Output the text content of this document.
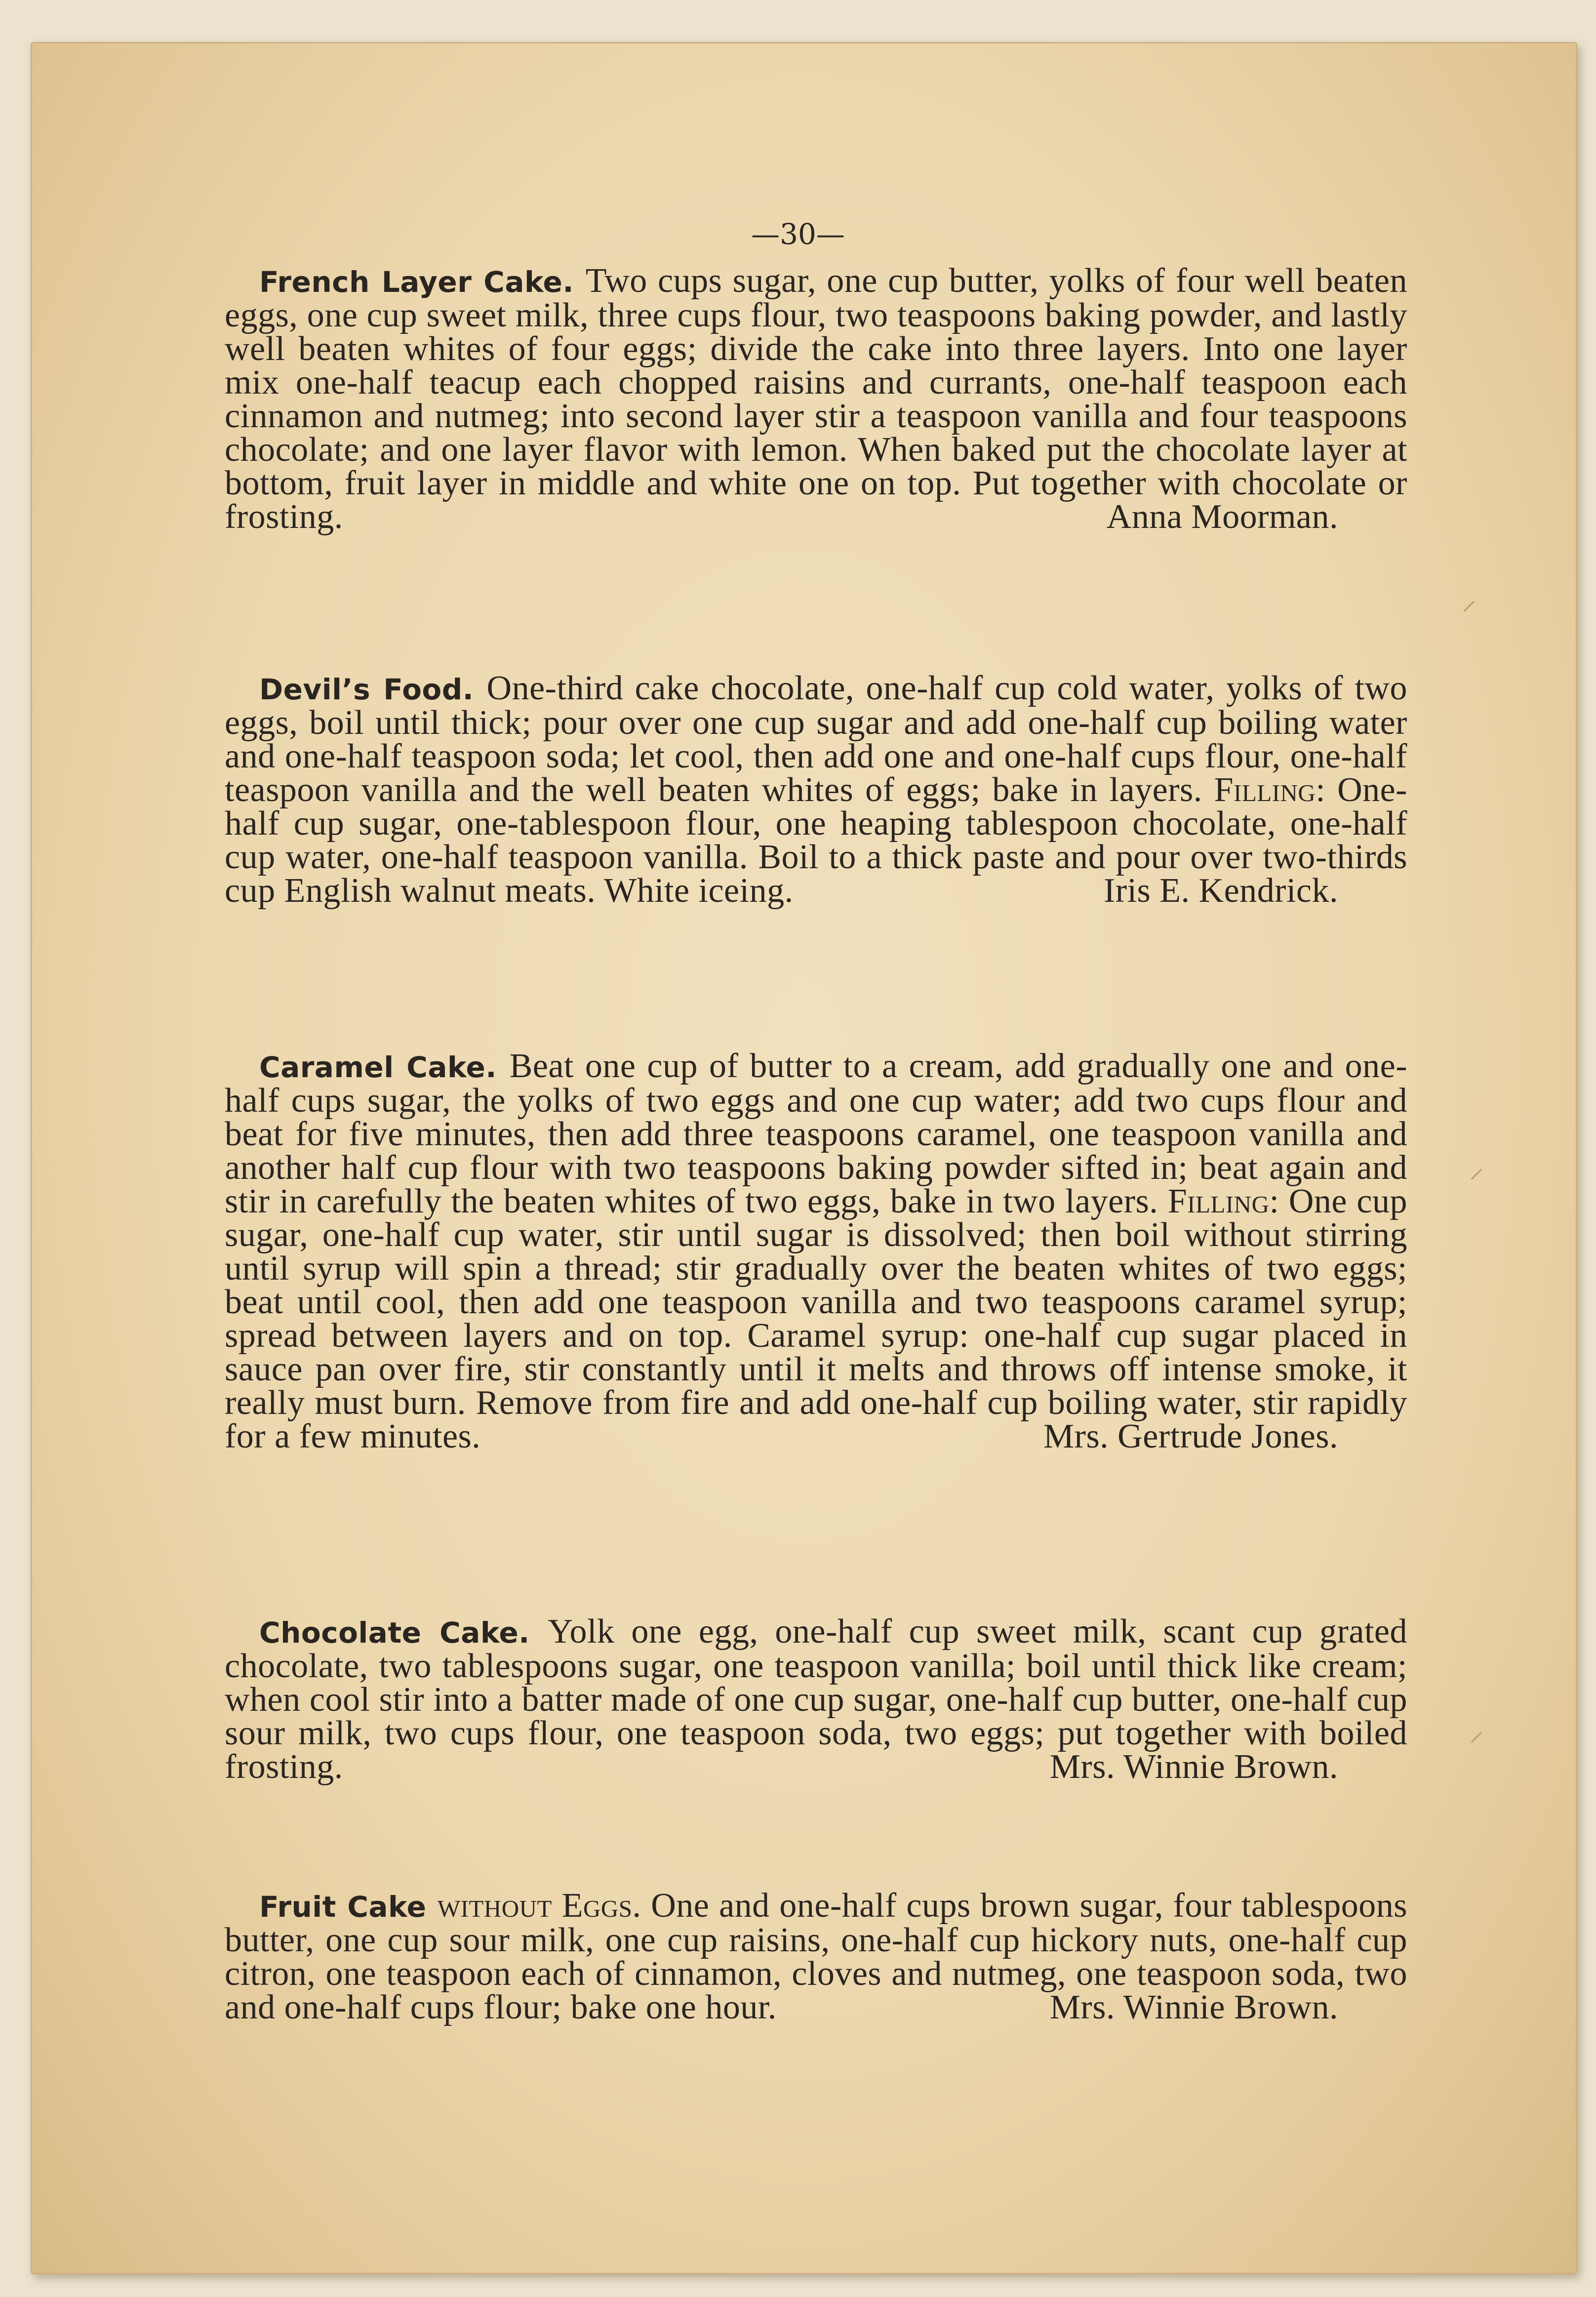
—30—
French Layer Cake. Two cups sugar, one cup butter, yolks of four well beaten eggs, one cup sweet milk, three cups flour, two teaspoons baking powder, and lastly well beaten whites of four eggs; divide the cake into three layers. Into one layer mix one-half teacup each chopped raisins and currants, one-half teaspoon each cinnamon and nutmeg; into second layer stir a teaspoon vanilla and four teaspoons chocolate; and one layer flavor with lemon. When baked put the chocolate layer at bottom, fruit layer in middle and white one on top. Put together with chocolate or frosting.	Anna Moorman.
Devil’s Food. One-third cake chocolate, one-half cup cold water, yolks of two eggs, boil until thick; pour over one cup sugar and add one-half cup boiling water and one-half teaspoon soda; let cool, then add one and one-half cups flour, one-half teaspoon vanilla and the well beaten whites of eggs; bake in layers. Filling: One-half cup sugar, one-tablespoon flour, one heaping tablespoon chocolate, one-half cup water, one-half teaspoon vanilla. Boil to a thick paste and pour over two-thirds cup English walnut meats. White iceing.	Iris E. Kendrick.
Caramel Cake. Beat one cup of butter to a cream, add gradually one and one-half cups sugar, the yolks of two eggs and one cup water; add two cups flour and beat for five minutes, then add three teaspoons caramel, one teaspoon vanilla and another half cup flour with two teaspoons baking powder sifted in; beat again and stir in carefully the beaten whites of two eggs, bake in two layers. Filling: One cup sugar, one-half cup water, stir until sugar is dissolved; then boil without stirring until syrup will spin a thread; stir gradually over the beaten whites of two eggs; beat until cool, then add one teaspoon vanilla and two teaspoons caramel syrup; spread between layers and on top. Caramel syrup: one-half cup sugar placed in sauce pan over fire, stir constantly until it melts and throws off intense smoke, it really must burn. Remove from fire and add one-half cup boiling water, stir rapidly for a few minutes.	Mrs. Gertrude Jones.
Chocolate Cake. Yolk one egg, one-half cup sweet milk, scant cup grated chocolate, two tablespoons sugar, one teaspoon vanilla; boil until thick like cream; when cool stir into a batter made of one cup sugar, one-half cup butter, one-half cup sour milk, two cups flour, one teaspoon soda, two eggs; put together with boiled frosting.	Mrs. Winnie Brown.
Fruit Cake without Eggs. One and one-half cups brown sugar, four tablespoons butter, one cup sour milk, one cup raisins, one-half cup hickory nuts, one-half cup citron, one teaspoon each of cinnamon, cloves and nutmeg, one teaspoon soda, two and one-half cups flour; bake one hour.	Mrs. Winnie Brown.
⸝
⸝
⸝
